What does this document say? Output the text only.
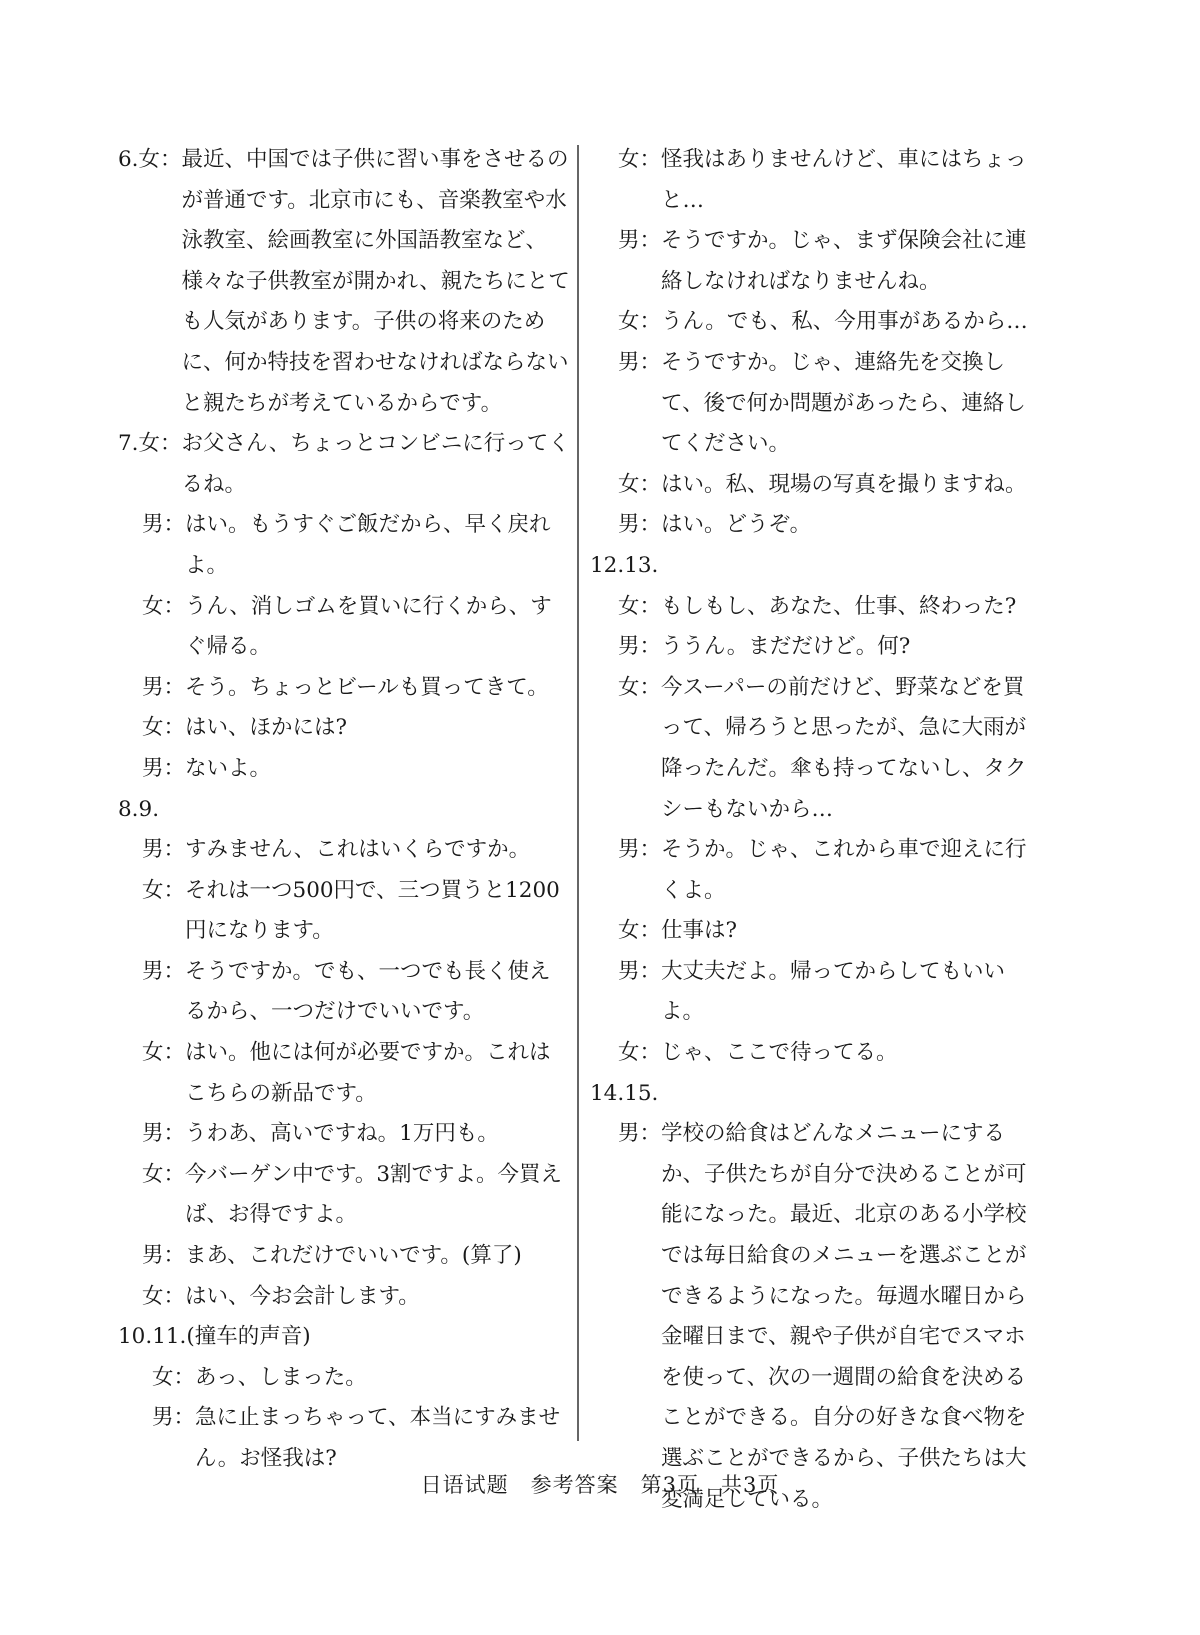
6.女： 最近、中国では子供に習い事をさせるのが普通です。北京市にも、音楽教室や水泳教室、絵画教室に外国語教室など、様々な子供教室が開かれ、親たちにとても人気があります。子供の将来のために、何か特技を習わせなければならないと親たちが考えているからです。
7.女： お父さん、ちょっとコンビニに行ってくるね。
男： はい。もうすぐご飯だから、早く戻れよ。
女： うん、消しゴムを買いに行くから、すぐ帰る。
男： そう。ちょっとビールも買ってきて。
女： はい、ほかには?
男： ないよ。
8.9.
男： すみません、これはいくらですか。
女： それは一つ500円で、三つ買うと1200円になります。
男： そうですか。でも、一つでも長く使えるから、一つだけでいいです。
女： はい。他には何が必要ですか。これはこちらの新品です。
男： うわあ、高いですね。1万円も。
女： 今バーゲン中です。3割ですよ。今買えば、お得ですよ。
男： まあ、これだけでいいです。(算了)
女： はい、今お会計します。
10.11.(撞车的声音)
女： あっ、しまった。
男： 急に止まっちゃって、本当にすみません。お怪我は?
女： 怪我はありませんけど、車にはちょっと…
男： そうですか。じゃ、まず保険会社に連絡しなければなりませんね。
女： うん。でも、私、今用事があるから…
男： そうですか。じゃ、連絡先を交換して、後で何か問題があったら、連絡してください。
女： はい。私、現場の写真を撮りますね。
男： はい。どうぞ。
12.13.
女： もしもし、あなた、仕事、終わった?
男： ううん。まだだけど。何?
女： 今スーパーの前だけど、野菜などを買って、帰ろうと思ったが、急に大雨が降ったんだ。傘も持ってないし、タクシーもないから…
男： そうか。じゃ、これから車で迎えに行くよ。
女： 仕事は?
男： 大丈夫だよ。帰ってからしてもいいよ。
女： じゃ、ここで待ってる。
14.15.
男： 学校の給食はどんなメニューにするか、子供たちが自分で決めることが可能になった。最近、北京のある小学校では毎日給食のメニューを選ぶことができるようになった。毎週水曜日から金曜日まで、親や子供が自宅でスマホを使って、次の一週間の給食を決めることができる。自分の好きな食べ物を選ぶことができるから、子供たちは大変満足している。
日语试题　参考答案　第3页　共3页
